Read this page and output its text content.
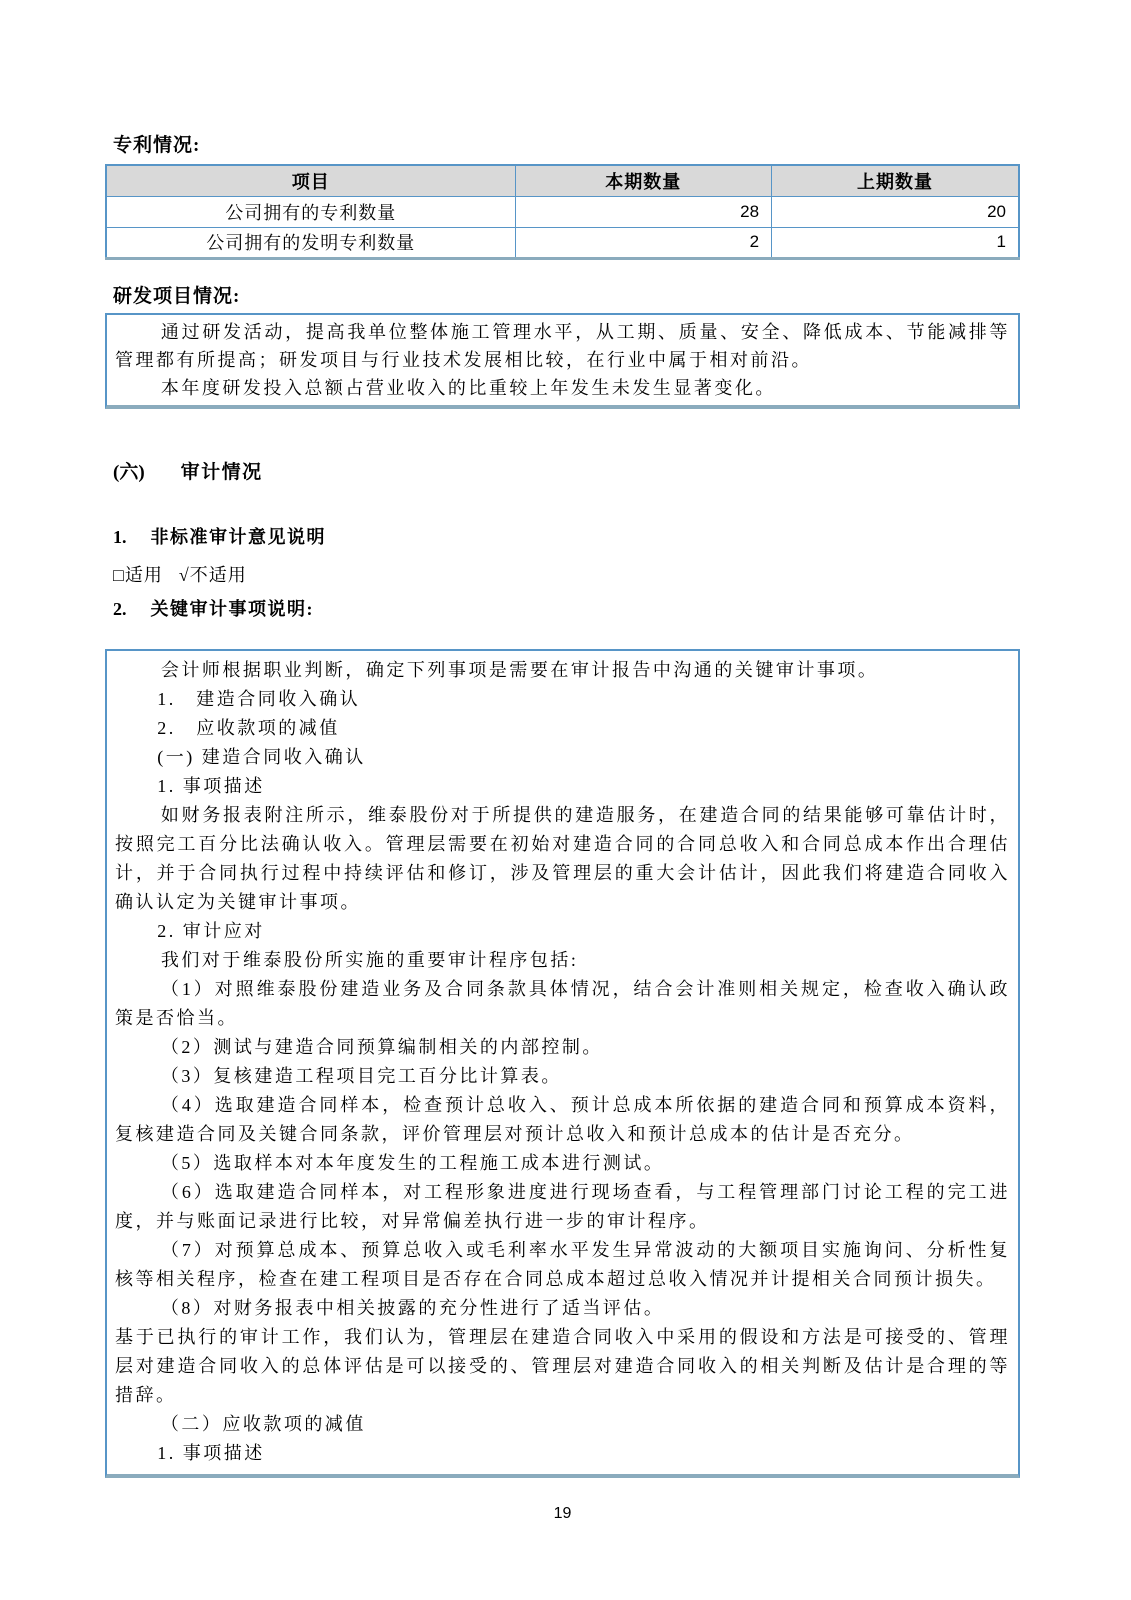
专利情况:
项目	本期数量	上期数量
公司拥有的专利数量	28	20
公司拥有的发明专利数量	2	1
研发项目情况:

通过研发活动，提高我单位整体施工管理水平，从工期、质量、安全、降低成本、节能减排等管理都有所提高；研发项目与行业技术发展相比较，在行业中属于相对前沿。

本年度研发投入总额占营业收入的比重较上年发生未发生显著变化。

(六) 审计情况
1. 非标准审计意见说明
□适用 √不适用
2. 关键审计事项说明:

会计师根据职业判断，确定下列事项是需要在审计报告中沟通的关键审计事项。

1.　建造合同收入确认

2.　应收款项的减值

(一) 建造合同收入确认

1. 事项描述

如财务报表附注所示，维泰股份对于所提供的建造服务，在建造合同的结果能够可靠估计时，按照完工百分比法确认收入。管理层需要在初始对建造合同的合同总收入和合同总成本作出合理估计，并于合同执行过程中持续评估和修订，涉及管理层的重大会计估计，因此我们将建造合同收入确认认定为关键审计事项。

2. 审计应对

我们对于维泰股份所实施的重要审计程序包括:

（1）对照维泰股份建造业务及合同条款具体情况，结合会计准则相关规定，检查收入确认政策是否恰当。

（2）测试与建造合同预算编制相关的内部控制。

（3）复核建造工程项目完工百分比计算表。

（4）选取建造合同样本，检查预计总收入、预计总成本所依据的建造合同和预算成本资料，复核建造合同及关键合同条款，评价管理层对预计总收入和预计总成本的估计是否充分。

（5）选取样本对本年度发生的工程施工成本进行测试。

（6）选取建造合同样本，对工程形象进度进行现场查看，与工程管理部门讨论工程的完工进度，并与账面记录进行比较，对异常偏差执行进一步的审计程序。

（7）对预算总成本、预算总收入或毛利率水平发生异常波动的大额项目实施询问、分析性复核等相关程序，检查在建工程项目是否存在合同总成本超过总收入情况并计提相关合同预计损失。

（8）对财务报表中相关披露的充分性进行了适当评估。

基于已执行的审计工作，我们认为，管理层在建造合同收入中采用的假设和方法是可接受的、管理层对建造合同收入的总体评估是可以接受的、管理层对建造合同收入的相关判断及估计是合理的等措辞。

（二）应收款项的减值

1. 事项描述

19
